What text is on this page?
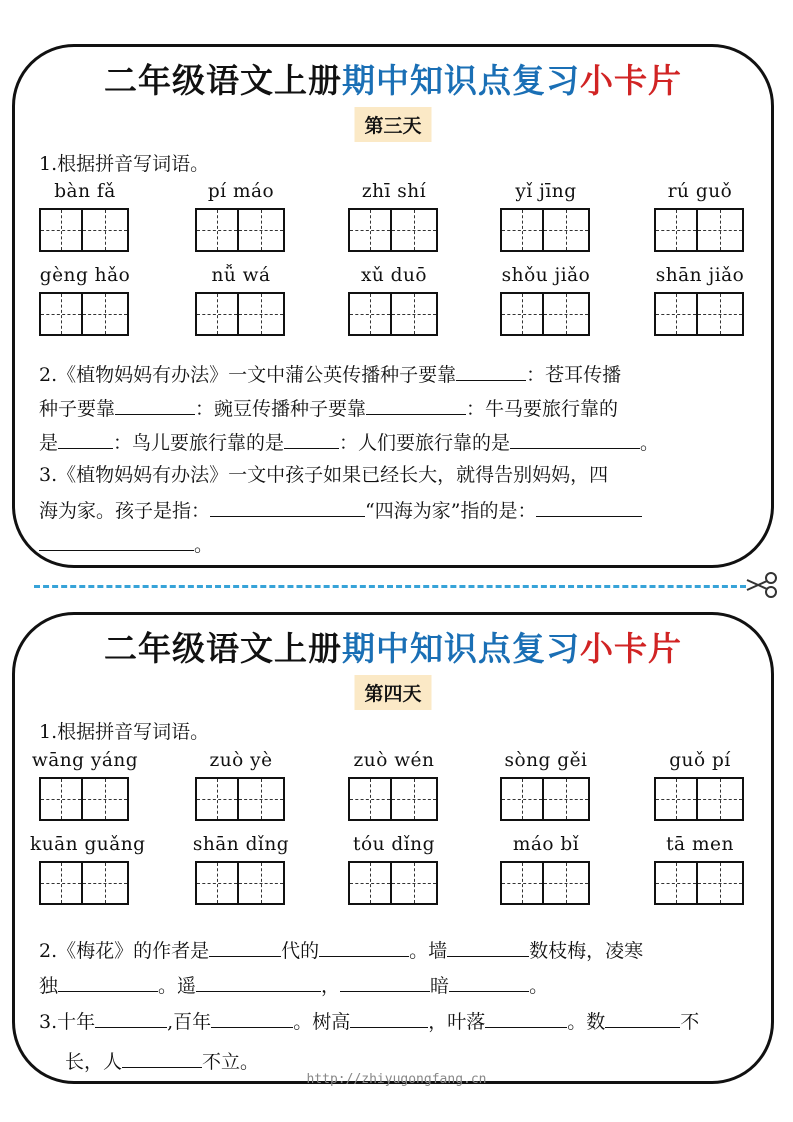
二年级语文上册期中知识点复习小卡片
第三天
1.根据拼音写词语。
bàn fǎ	pí máo	zhī shí	yǐ jīng	rú guǒ
gèng hǎo	nǚ wá	xǔ duō	shǒu jiǎo	shān jiǎo
2.《植物妈妈有办法》一文中蒲公英传播种子要靠	：苍耳传播
种子要靠	：豌豆传播种子要靠	：牛马要旅行靠的
是	：鸟儿要旅行靠的是	：人们要旅行靠的是	。
3.《植物妈妈有办法》一文中孩子如果已经长大，就得告别妈妈，四
海为家。孩子是指：	“四海为家”指的是：
。
二年级语文上册期中知识点复习小卡片
第四天
1.根据拼音写词语。
wāng yáng	zuò yè	zuò wén	sòng gěi	guǒ pí
kuān guǎng	shān dǐng	tóu dǐng	máo bǐ	tā men
2.《梅花》的作者是	代的	。墙	数枝梅，凌寒
独	。遥	，	暗	。
3.十年	,百年	。树高	，叶落	。数	不
长，人	不立。
http://zhiyugongfang.cn
